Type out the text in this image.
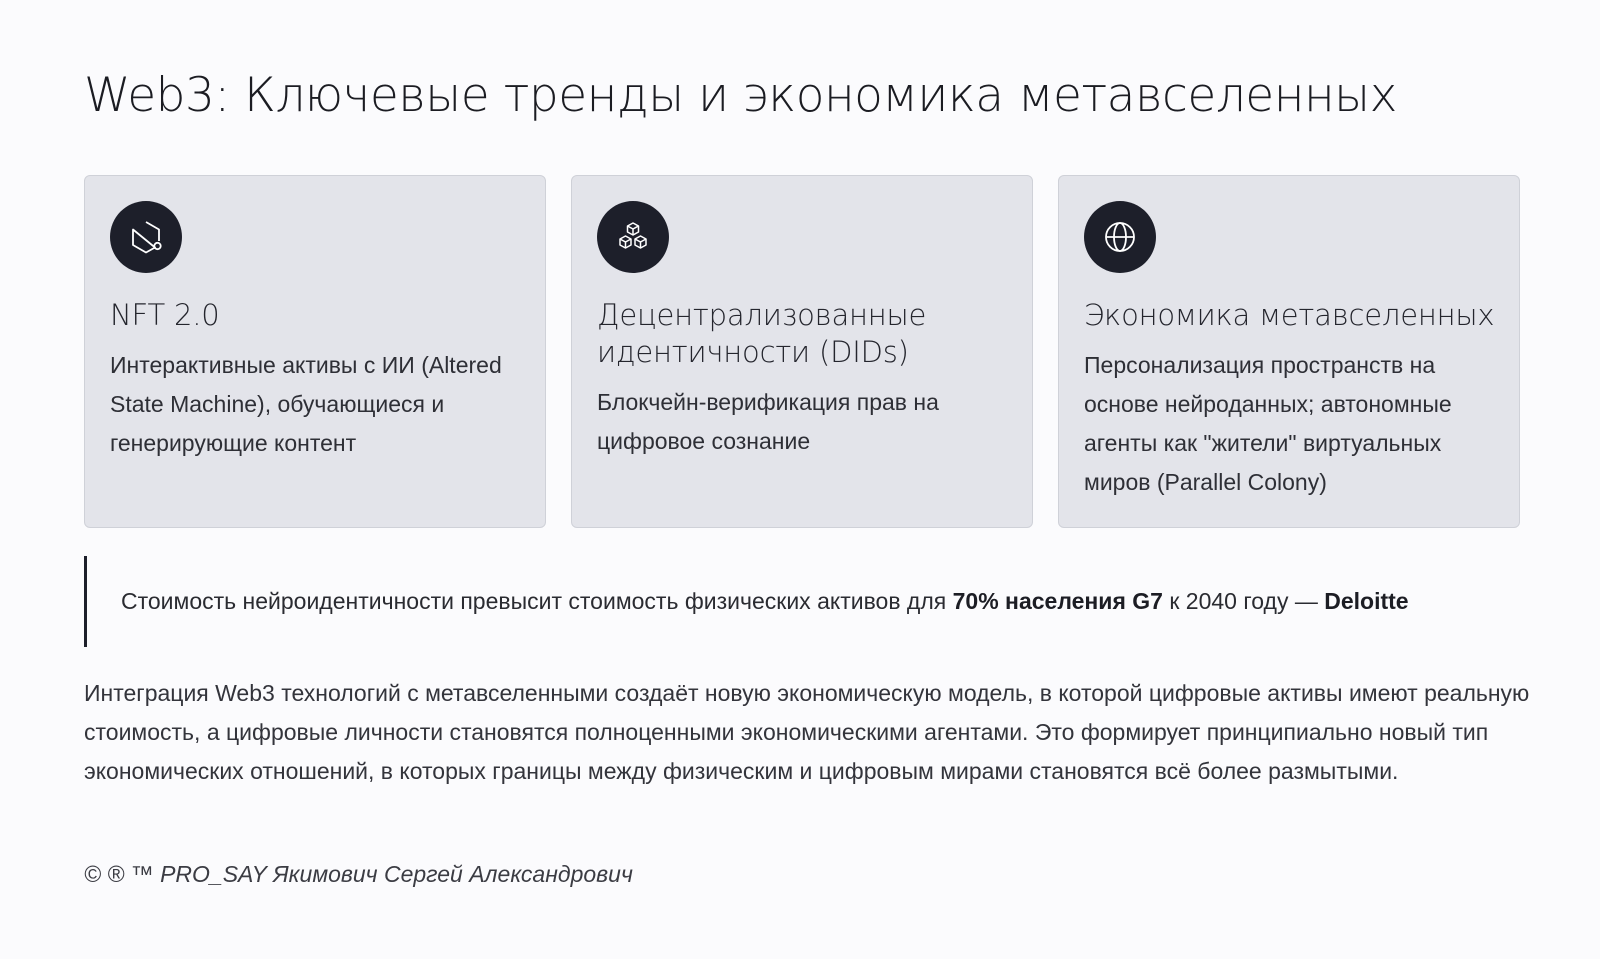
Web3: Ключевые тренды и экономика метавселенных
NFT 2.0

Интерактивные активы с ИИ (Altered State Machine), обучающиеся и генерирующие контент

Децентрализованные идентичности (DIDs)

Блокчейн-верификация прав на цифровое сознание

Экономика метавселенных

Персонализация пространств на основе нейроданных; автономные агенты как "жители" виртуальных миров (Parallel Colony)

Стоимость нейроидентичности превысит стоимость физических активов для 70% населения G7 к 2040 году — Deloitte

Интеграция Web3 технологий с метавселенными создаёт новую экономическую модель, в которой цифровые активы имеют реальную стоимость, а цифровые личности становятся полноценными экономическими агентами. Это формирует принципиально новый тип экономических отношений, в которых границы между физическим и цифровым мирами становятся всё более размытыми.

© ® ™ PRO_SAY Якимович Сергей Александрович
